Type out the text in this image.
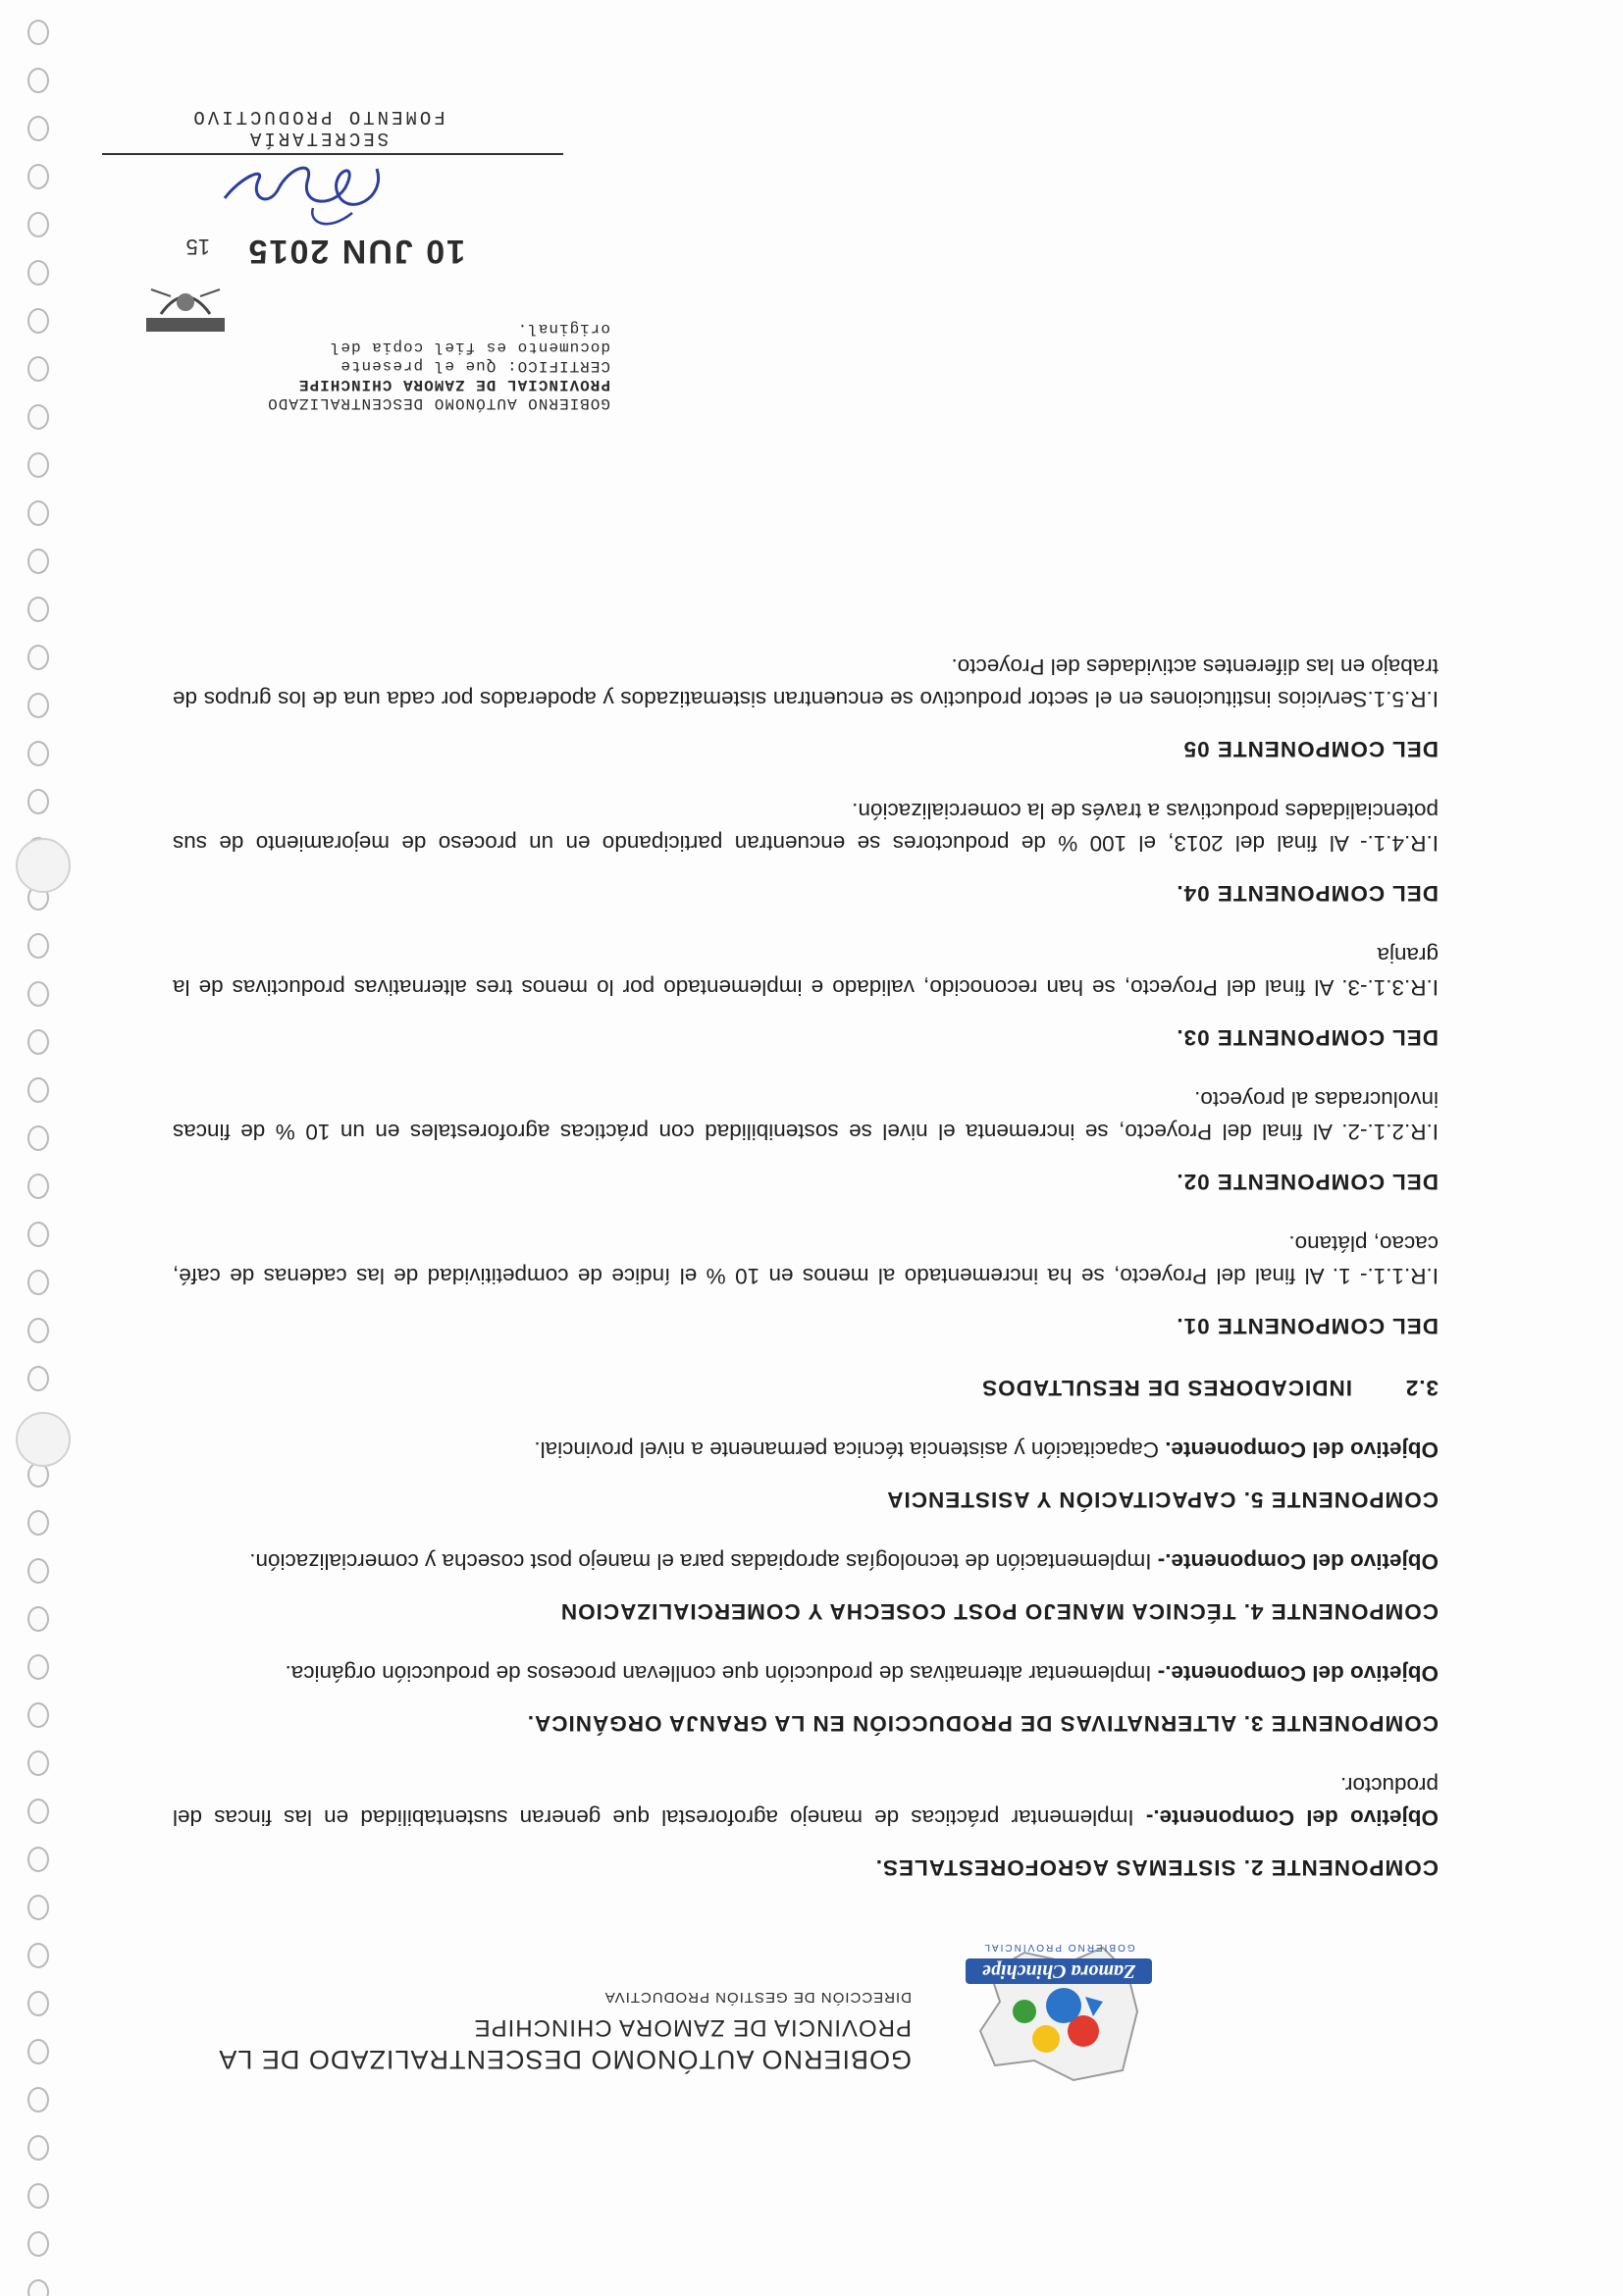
Zamora Chinchipe
GOBIERNO PROVINCIAL
GOBIERNO AUTÓNOMO DESCENTRALIZADO DE LA
PROVINCIA DE ZAMORA CHINCHIPE
DIRECCIÓN DE GESTIÓN PRODUCTIVA
COMPONENTE 2. SISTEMAS AGROFORESTALES.
Objetivo del Componente.- Implementar prácticas de manejo agroforestal que generan sustentabilidad en las fincas del productor.
COMPONENTE 3. ALTERNATIVAS DE PRODUCCIÓN EN LA GRANJA ORGÁNICA.
Objetivo del Componente.- Implementar alternativas de producción que conllevan procesos de producción orgánica.
COMPONENTE 4. TÉCNICA MANEJO POST COSECHA Y COMERCIALIZACION
Objetivo del Componente.- Implementación de tecnologías apropiadas para el manejo post cosecha y comercialización.
COMPONENTE 5. CAPACITACIÓN Y ASISTENCIA
Objetivo del Componente. Capacitación y asistencia técnica permanente a nivel provincial.
3.2INDICADORES DE RESULTADOS
DEL COMPONENTE 01.
I.R.1.1.- 1. Al final del Proyecto, se ha incrementado al menos en 10 % el índice de competitividad de las cadenas de café, cacao, plátano.
DEL COMPONENTE 02.
I.R.2.1.-2. Al final del Proyecto, se incrementa el nivel se sostenibilidad con prácticas agroforestales en un 10 % de fincas involucradas al proyecto.
DEL COMPONENTE 03.
I.R.3.1.-3. Al final del Proyecto, se han reconocido, validado e implementado por lo menos tres alternativas productivas de la granja
DEL COMPONENTE 04.
I.R.4.1.- Al final del 2013, el 100 % de productores se encuentran participando en un proceso de mejoramiento de sus potencialidades productivas a través de la comercialización.
DEL COMPONENTE 05
I.R.5.1.Servicios instituciones en el sector productivo se encuentran sistematizados y apoderados por cada una de los grupos de trabajo en las diferentes actividades del Proyecto.
GOBIERNO AUTÓNOMO DESCENTRALIZADO
PROVINCIAL DE ZAMORA CHINCHIPE
CERTIFICO: Que el presente
documento es fiel copia del
original.
10 JUN 2015
15
SECRETARÍA
FOMENTO PRODUCTIVO
